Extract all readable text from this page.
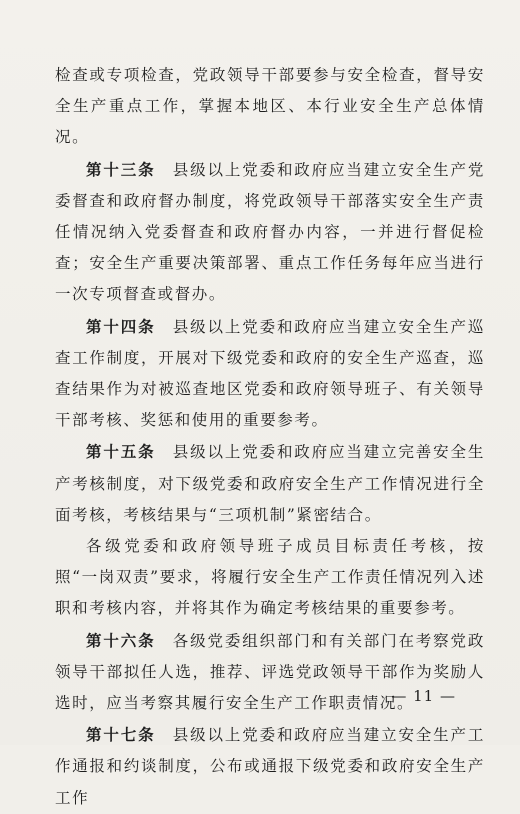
检查或专项检查，党政领导干部要参与安全检查，督导安全生产重点工作，掌握本地区、本行业安全生产总体情况。

第十三条　 县级以上党委和政府应当建立安全生产党委督查和政府督办制度，将党政领导干部落实安全生产责任情况纳入党委督查和政府督办内容，一并进行督促检查；安全生产重要决策部署、重点工作任务每年应当进行一次专项督查或督办。

第十四条　 县级以上党委和政府应当建立安全生产巡查工作制度，开展对下级党委和政府的安全生产巡查，巡查结果作为对被巡查地区党委和政府领导班子、有关领导干部考核、奖惩和使用的重要参考。

第十五条　 县级以上党委和政府应当建立完善安全生产考核制度，对下级党委和政府安全生产工作情况进行全面考核，考核结果与“三项机制”紧密结合。

各级党委和政府领导班子成员目标责任考核，按照“一岗双责”要求，将履行安全生产工作责任情况列入述职和考核内容，并将其作为确定考核结果的重要参考。

第十六条　 各级党委组织部门和有关部门在考察党政领导干部拟任人选，推荐、评选党政领导干部作为奖励人选时，应当考察其履行安全生产工作职责情况。

第十七条　 县级以上党委和政府应当建立安全生产工作通报和约谈制度，公布或通报下级党委和政府安全生产工作

— 11 —
